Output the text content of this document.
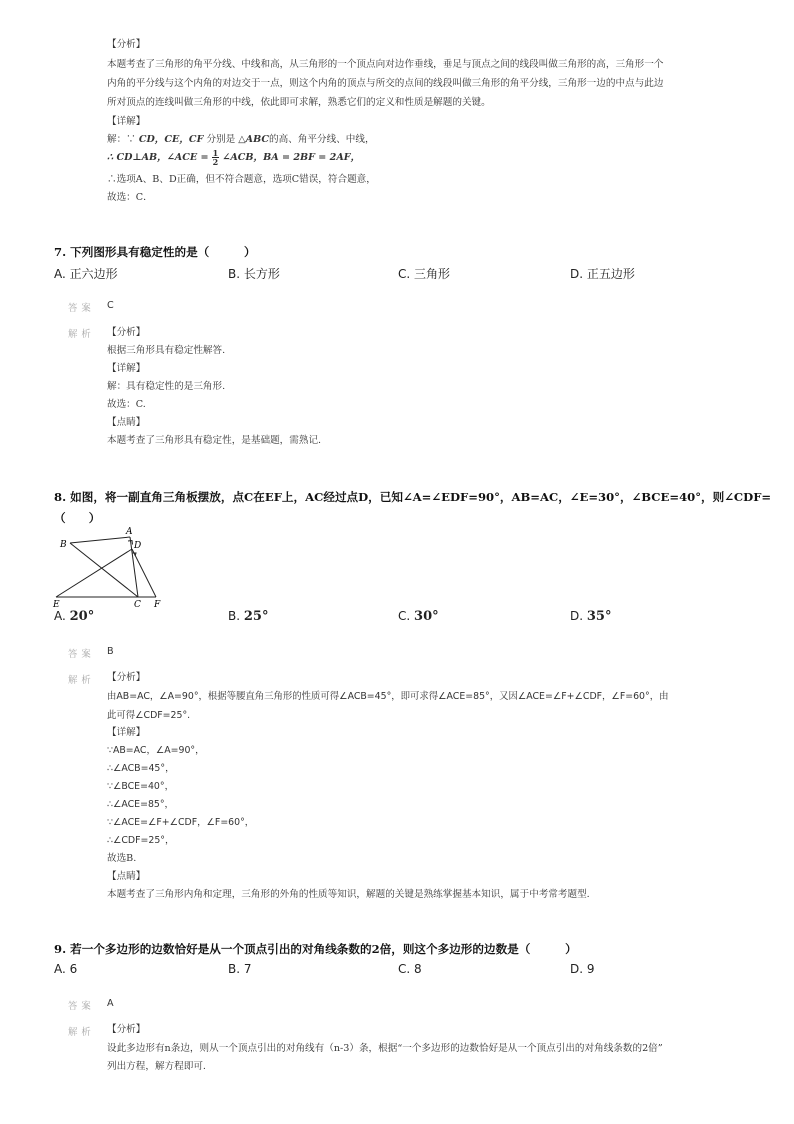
【分析】
本题考查了三角形的角平分线、中线和高，从三角形的一个顶点向对边作垂线，垂足与顶点之间的线段叫做三角形的高，三角形一个
内角的平分线与这个内角的对边交于一点，则这个内角的顶点与所交的点间的线段叫做三角形的角平分线，三角形一边的中点与此边
所对顶点的连线叫做三角形的中线，依此即可求解，熟悉它们的定义和性质是解题的关键。
【详解】
解：∵ CD，CE，CF 分别是 △ABC的高、角平分线、中线，
∴ CD⊥AB，∠ACE = $\frac{1}{2}$ ∠ACB，BA = 2BF = 2AF，
∴选项A、B、D正确，但不符合题意，选项C错误，符合题意，
故选：C．
7. 下列图形具有稳定性的是（　　　）
A. 正六边形	B. 长方形	C. 三角形	D. 正五边形
答案 C
解析 【分析】
根据三角形具有稳定性解答.
【详解】
解：具有稳定性的是三角形.
故选：C.
【点睛】
本题考查了三角形具有稳定性，是基础题，需熟记.
8. 如图，将一副直角三角板摆放，点C在EF上，AC经过点D，已知∠A=∠EDF=90°，AB=AC，∠E=30°，∠BCE=40°，则∠CDF=
（　　）
A
B	D
E	C F
A. 20°	B. 25°	C. 30°	D. 35°
答案 B
解析 【分析】
由AB=AC，∠A=90°，根据等腰直角三角形的性质可得∠ACB=45°，即可求得∠ACE=85°，又因∠ACE=∠F+∠CDF，∠F=60°，由
此可得∠CDF=25°.
【详解】
∵AB=AC，∠A=90°，
∴∠ACB=45°，
∵∠BCE=40°，
∴∠ACE=85°，
∵∠ACE=∠F+∠CDF，∠F=60°，
∴∠CDF=25°，
故选B.
【点睛】
本题考查了三角形内角和定理，三角形的外角的性质等知识，解题的关键是熟练掌握基本知识，属于中考常考题型.
9. 若一个多边形的边数恰好是从一个顶点引出的对角线条数的2倍，则这个多边形的边数是（　　　）
A. 6	B. 7	C. 8	D. 9
答案 A
解析 【分析】
设此多边形有n条边，则从一个顶点引出的对角线有（n-3）条，根据“一个多边形的边数恰好是从一个顶点引出的对角线条数的2倍”
列出方程，解方程即可.
